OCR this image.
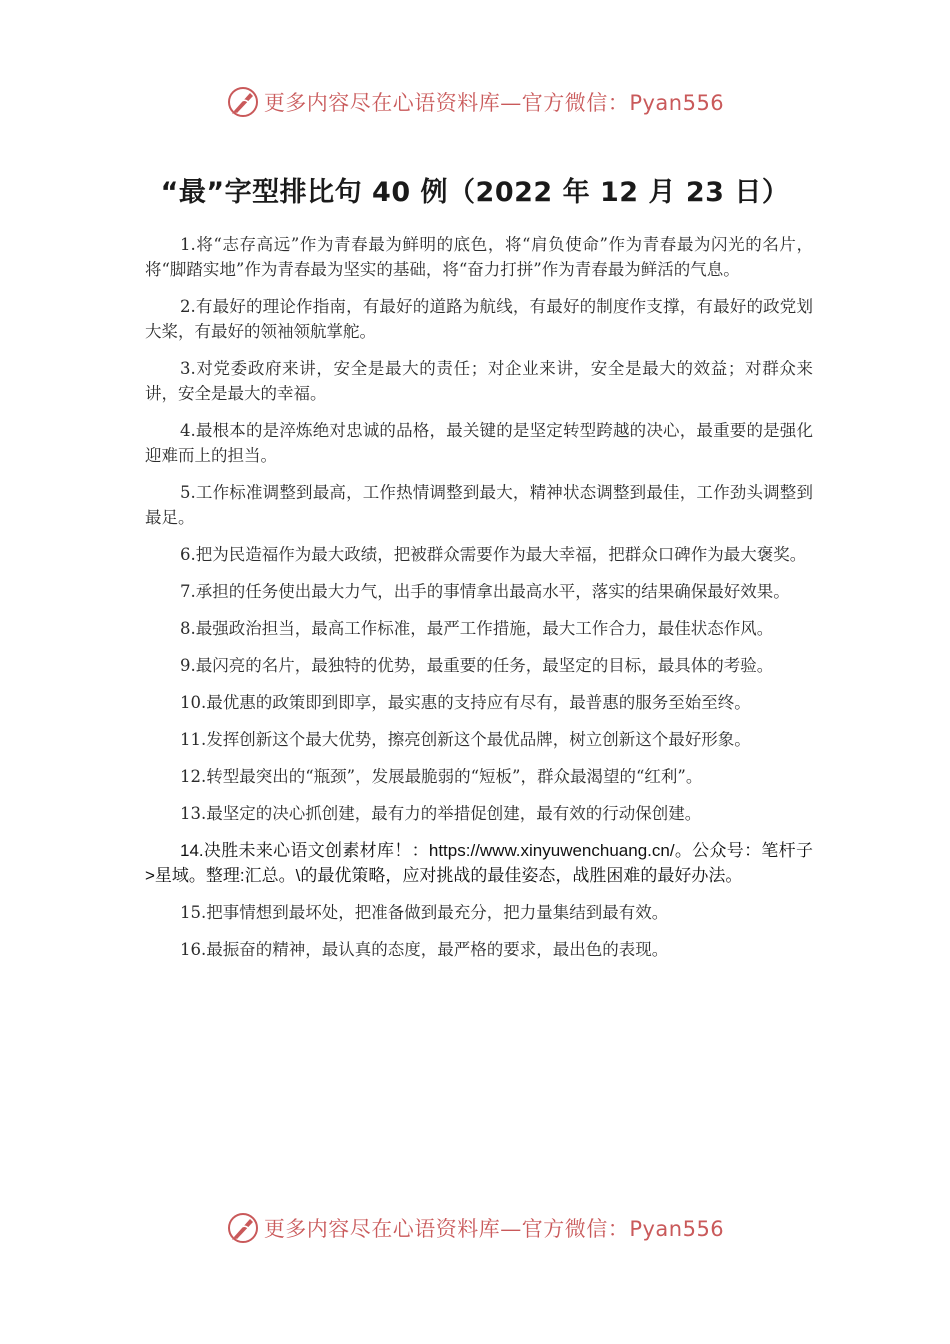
更多内容尽在心语资料库—官方微信：Pyan556
“最”字型排比句 40 例（2022 年 12 月 23 日）

1.将“志存高远”作为青春最为鲜明的底色，将“肩负使命”作为青春最为闪光的名片，将“脚踏实地”作为青春最为坚实的基础，将“奋力打拼”作为青春最为鲜活的气息。

2.有最好的理论作指南，有最好的道路为航线，有最好的制度作支撑，有最好的政党划大桨，有最好的领袖领航掌舵。

3.对党委政府来讲，安全是最大的责任；对企业来讲，安全是最大的效益；对群众来讲，安全是最大的幸福。

4.最根本的是淬炼绝对忠诚的品格，最关键的是坚定转型跨越的决心，最重要的是强化迎难而上的担当。

5.工作标准调整到最高，工作热情调整到最大，精神状态调整到最佳，工作劲头调整到最足。

6.把为民造福作为最大政绩，把被群众需要作为最大幸福，把群众口碑作为最大褒奖。

7.承担的任务使出最大力气，出手的事情拿出最高水平，落实的结果确保最好效果。

8.最强政治担当，最高工作标准，最严工作措施，最大工作合力，最佳状态作风。

9.最闪亮的名片，最独特的优势，最重要的任务，最坚定的目标，最具体的考验。

10.最优惠的政策即到即享，最实惠的支持应有尽有，最普惠的服务至始至终。

11.发挥创新这个最大优势，擦亮创新这个最优品牌，树立创新这个最好形象。

12.转型最突出的“瓶颈”，发展最脆弱的“短板”，群众最渴望的“红利”。

13.最坚定的决心抓创建，最有力的举措促创建，最有效的行动保创建。

14.决胜未来心语文创素材库！：https://www.xinyuwenchuang.cn/。公众号：笔杆子>星域。整理:汇总。\的最优策略，应对挑战的最佳姿态，战胜困难的最好办法。

15.把事情想到最坏处，把准备做到最充分，把力量集结到最有效。

16.最振奋的精神，最认真的态度，最严格的要求，最出色的表现。

更多内容尽在心语资料库—官方微信：Pyan556
